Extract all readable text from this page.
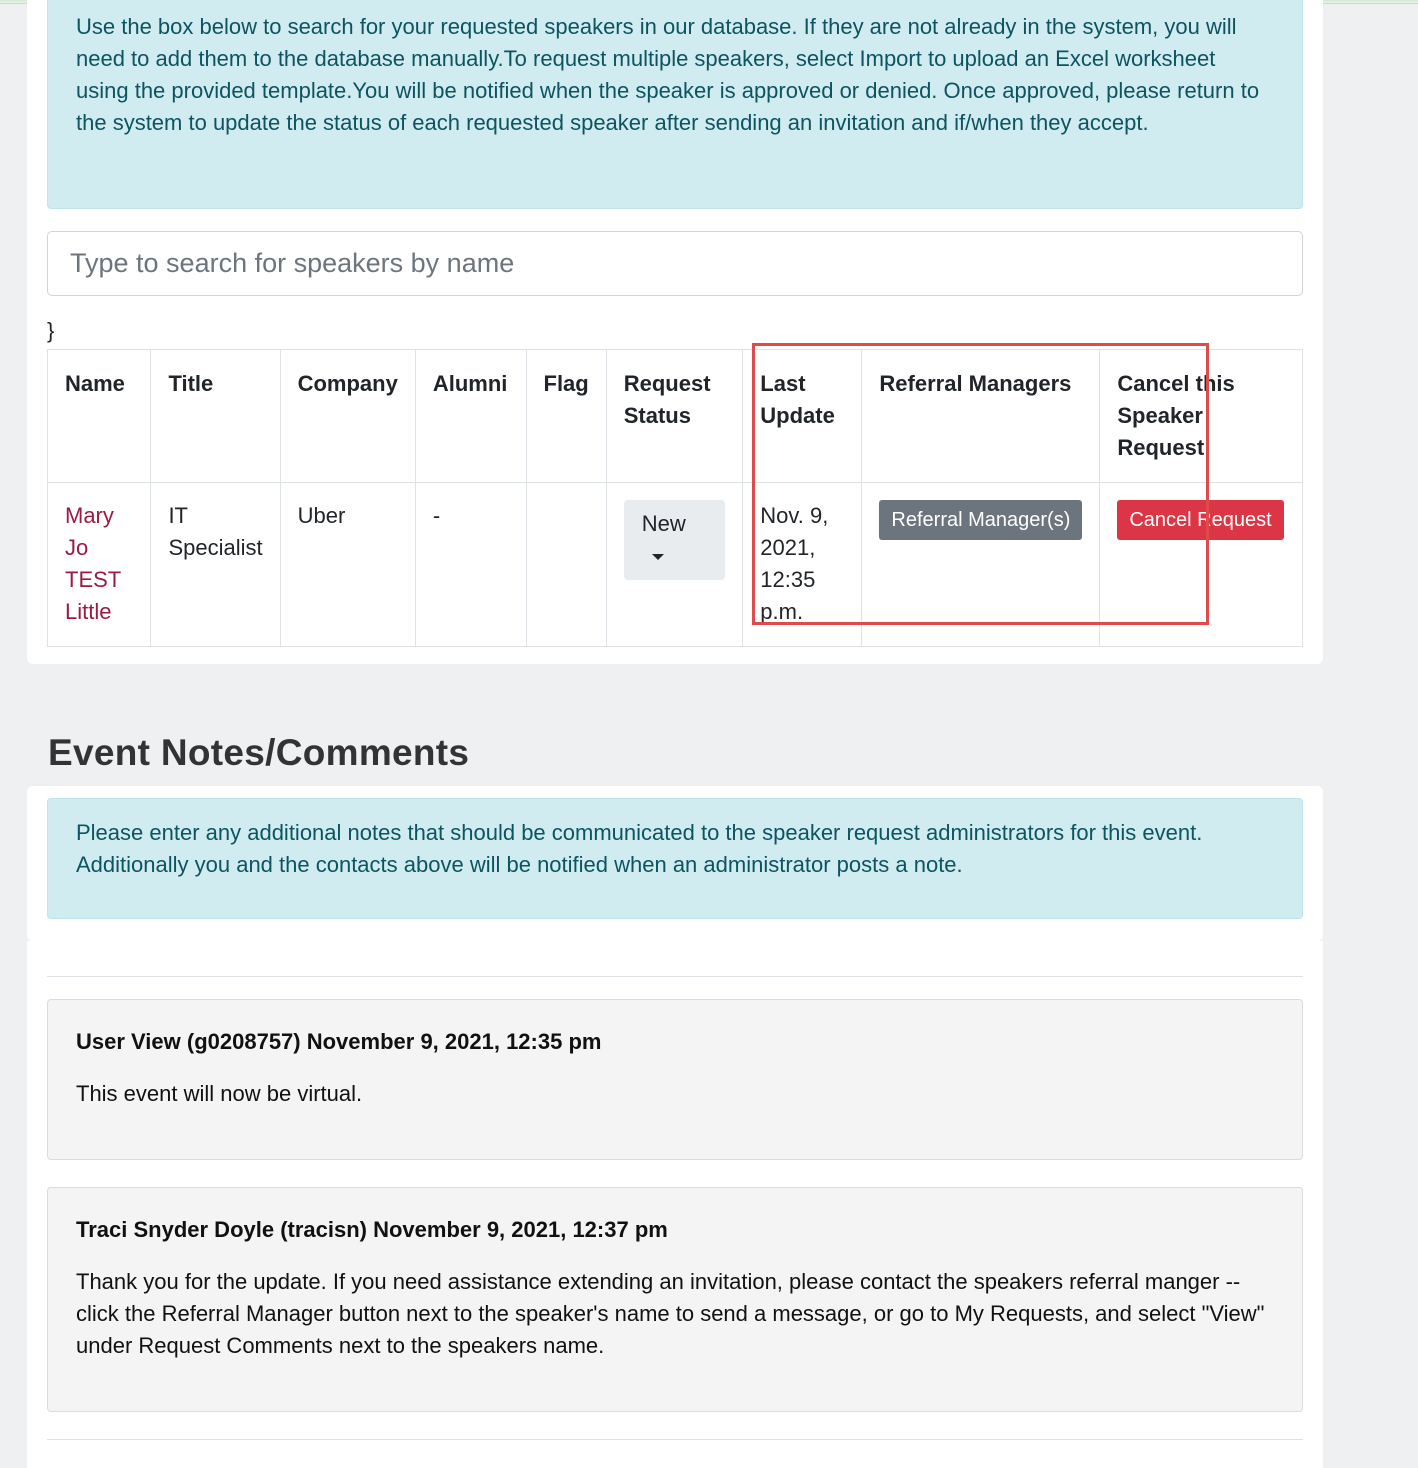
Use the box below to search for your requested speakers in our database. If they are not already in the system, you will need to add them to the database manually.To request multiple speakers, select Import to upload an Excel worksheet using the provided template.You will be notified when the speaker is approved or denied. Once approved, please return to the system to update the status of each requested speaker after sending an invitation and if/when they accept.
Type to search for speakers by name
}
Name	Title	Company	Alumni	Flag	Request Status	Last Update	Referral Managers	Cancel this Speaker Request
Mary Jo TEST Little	IT Specialist	Uber	-		New	Nov. 9, 2021, 12:35 p.m.	Referral Manager(s)	Cancel Request
Event Notes/Comments
Please enter any additional notes that should be communicated to the speaker request administrators for this event. Additionally you and the contacts above will be notified when an administrator posts a note.
User View (g0208757) November 9, 2021, 12:35 pm
This event will now be virtual.
Traci Snyder Doyle (tracisn) November 9, 2021, 12:37 pm
Thank you for the update. If you need assistance extending an invitation, please contact the speakers referral manger -- click the Referral Manager button next to the speaker's name to send a message, or go to My Requests, and select "View" under Request Comments next to the speakers name.
